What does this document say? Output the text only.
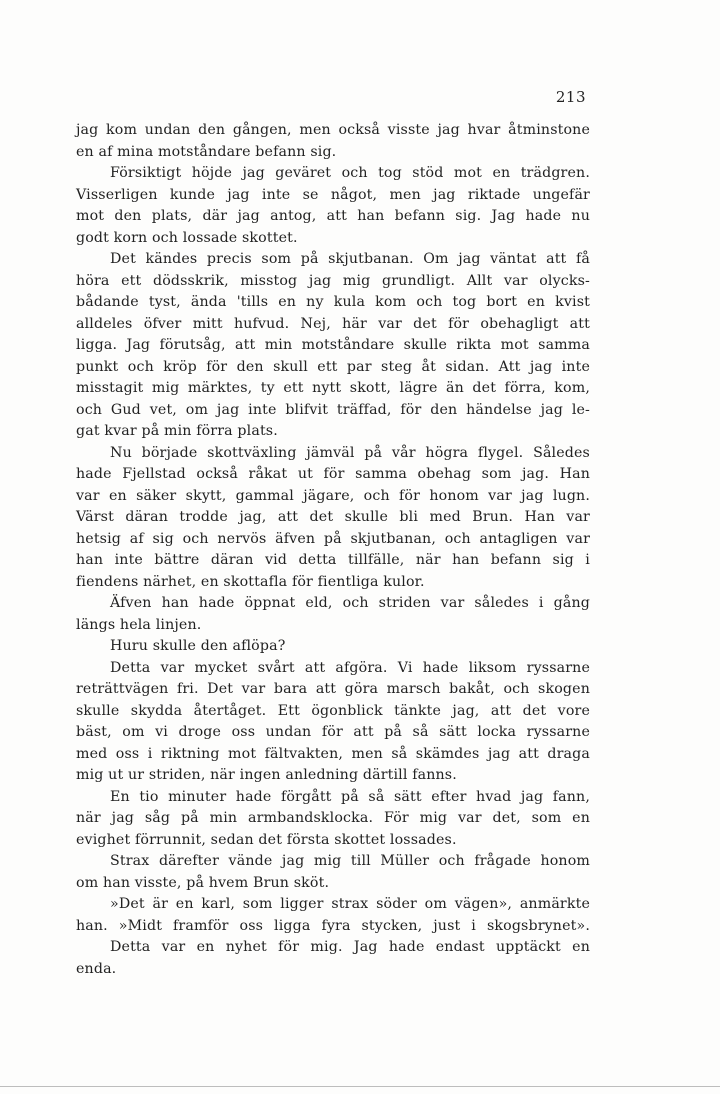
213
jag kom undan den gången, men också visste jag hvar åtminstone
en af mina motståndare befann sig.
Försiktigt höjde jag geväret och tog stöd mot en trädgren.
Visserligen kunde jag inte se något, men jag riktade ungefär
mot den plats, där jag antog, att han befann sig. Jag hade nu
godt korn och lossade skottet.
Det kändes precis som på skjutbanan. Om jag väntat att få
höra ett dödsskrik, misstog jag mig grundligt. Allt var olycks-
bådande tyst, ända 'tills en ny kula kom och tog bort en kvist
alldeles öfver mitt hufvud. Nej, här var det för obehagligt att
ligga. Jag förutsåg, att min motståndare skulle rikta mot samma
punkt och kröp för den skull ett par steg åt sidan. Att jag inte
misstagit mig märktes, ty ett nytt skott, lägre än det förra, kom,
och Gud vet, om jag inte blifvit träffad, för den händelse jag le-
gat kvar på min förra plats.
Nu började skottväxling jämväl på vår högra flygel. Således
hade Fjellstad också råkat ut för samma obehag som jag. Han
var en säker skytt, gammal jägare, och för honom var jag lugn.
Värst däran trodde jag, att det skulle bli med Brun. Han var
hetsig af sig och nervös äfven på skjutbanan, och antagligen var
han inte bättre däran vid detta tillfälle, när han befann sig i
fiendens närhet, en skottafla för fientliga kulor.
Äfven han hade öppnat eld, och striden var således i gång
längs hela linjen.
Huru skulle den aflöpa?
Detta var mycket svårt att afgöra. Vi hade liksom ryssarne
reträttvägen fri. Det var bara att göra marsch bakåt, och skogen
skulle skydda återtåget. Ett ögonblick tänkte jag, att det vore
bäst, om vi droge oss undan för att på så sätt locka ryssarne
med oss i riktning mot fältvakten, men så skämdes jag att draga
mig ut ur striden, när ingen anledning därtill fanns.
En tio minuter hade förgått på så sätt efter hvad jag fann,
när jag såg på min armbandsklocka. För mig var det, som en
evighet förrunnit, sedan det första skottet lossades.
Strax därefter vände jag mig till Müller och frågade honom
om han visste, på hvem Brun sköt.
»Det är en karl, som ligger strax söder om vägen», anmärkte
han. »Midt framför oss ligga fyra stycken, just i skogsbrynet».
Detta var en nyhet för mig. Jag hade endast upptäckt en
enda.
